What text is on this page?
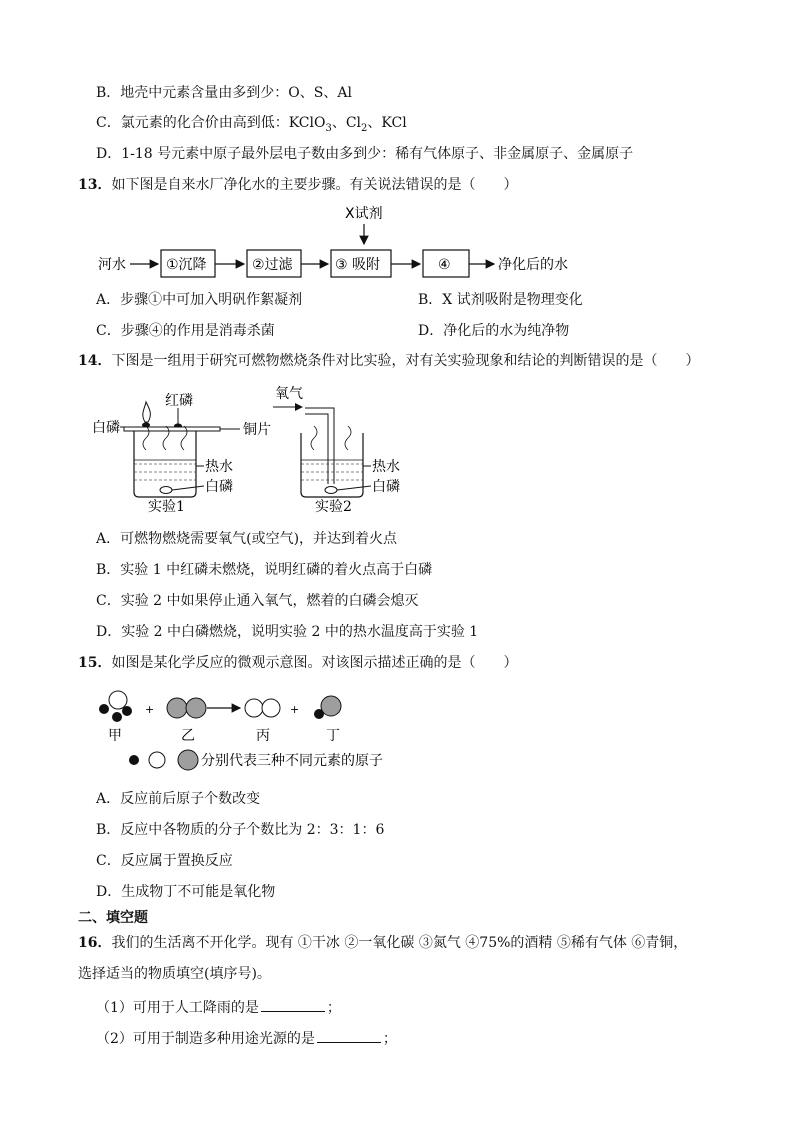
B．地壳中元素含量由多到少：O、S、Al
C．氯元素的化合价由高到低：KClO$_3$、$Cl_2$、KCl
D．1-18 号元素中原子最外层电子数由多到少：稀有气体原子、非金属原子、金属原子
13．如下图是自来水厂净化水的主要步骤。有关说法错误的是（　　）
X试剂
河水	①沉降	②过滤	③ 吸附	④	净化后的水
A．步骤①中可加入明矾作絮凝剂	B．X 试剂吸附是物理变化
C．步骤④的作用是消毒杀菌	D．净化后的水为纯净物
14．下图是一组用于研究可燃物燃烧条件对比实验，对有关实验现象和结论的判断错误的是（　　）
红磷
白磷	铜片
热水
白磷
实验1
氧气
热水
白磷
实验2
A．可燃物燃烧需要氧气(或空气)，并达到着火点
B．实验 1 中红磷未燃烧，说明红磷的着火点高于白磷
C．实验 2 中如果停止通入氧气，燃着的白磷会熄灭
D．实验 2 中白磷燃烧，说明实验 2 中的热水温度高于实验 1
15．如图是某化学反应的微观示意图。对该图示描述正确的是（　　）
+	+
甲	乙	丙	丁
分别代表三种不同元素的原子
A．反应前后原子个数改变
B．反应中各物质的分子个数比为 2：3：1：6
C．反应属于置换反应
D．生成物丁不可能是氧化物
二、填空题
16．我们的生活离不开化学。现有 ①干冰 ②一氧化碳 ③氮气 ④75%的酒精 ⑤稀有气体 ⑥青铜，
选择适当的物质填空(填序号)。
（1）可用于人工降雨的是	；
（2）可用于制造多种用途光源的是	；
